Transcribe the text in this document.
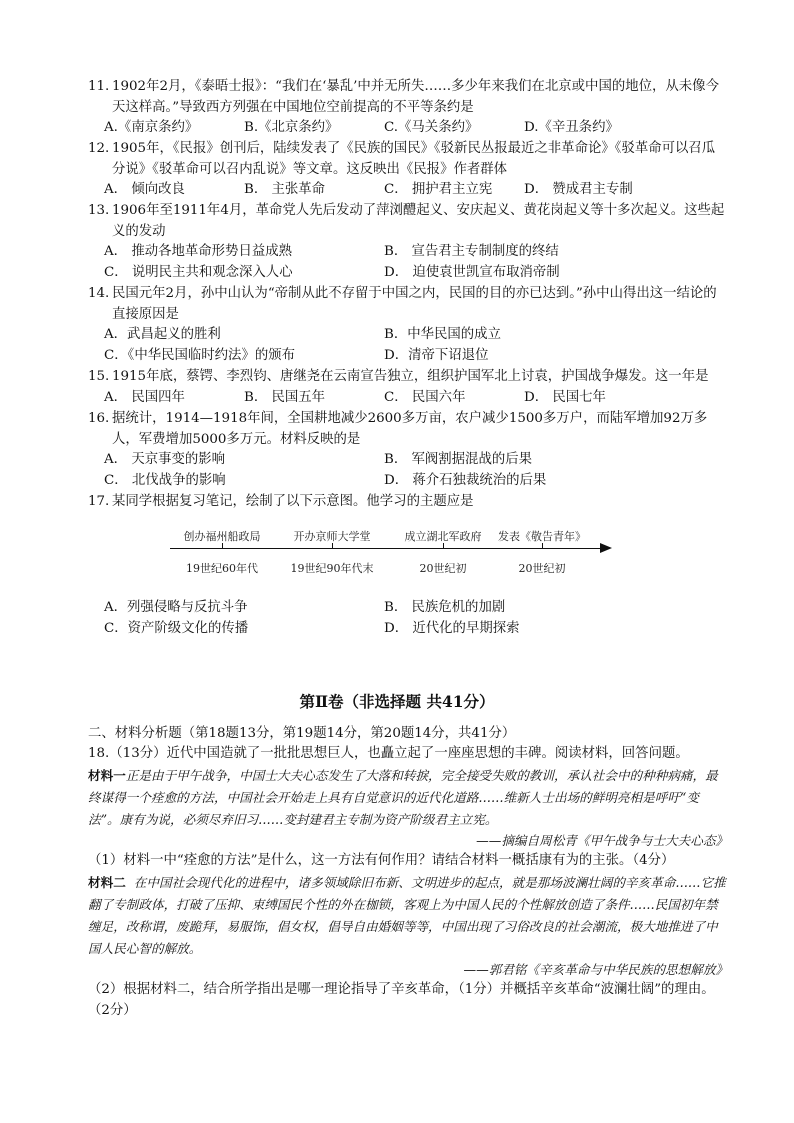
11. 1902年2月，《泰晤士报》：“我们在‘暴乱’中并无所失……多少年来我们在北京或中国的地位，从未像今天这样高。”导致西方列强在中国地位空前提高的不平等条约是

A.《南京条约》	B.《北京条约》	C.《马关条约》	D.《辛丑条约》

12. 1905年，《民报》创刊后，陆续发表了《民族的国民》《驳新民丛报最近之非革命论》《驳革命可以召瓜分说》《驳革命可以召内乱说》等文章。这反映出《民报》作者群体

A． 倾向改良	B． 主张革命	C． 拥护君主立宪	D． 赞成君主专制

13. 1906年至1911年4月，革命党人先后发动了萍浏醴起义、安庆起义、黄花岗起义等十多次起义。这些起义的发动

A． 推动各地革命形势日益成熟	B． 宣告君主专制制度的终结
C． 说明民主共和观念深入人心	D． 迫使袁世凯宣布取消帝制

14. 民国元年2月，孙中山认为“帝制从此不存留于中国之内，民国的目的亦已达到。”孙中山得出这一结论的直接原因是

A．武昌起义的胜利	B．中华民国的成立
C．《中华民国临时约法》的颁布	D．清帝下诏退位

15. 1915年底，蔡锷、李烈钧、唐继尧在云南宣告独立，组织护国军北上讨袁，护国战争爆发。这一年是

A． 民国四年	B． 民国五年	C． 民国六年	D． 民国七年

16. 据统计，1914—1918年间，全国耕地减少2600多万亩，农户减少1500多万户，而陆军增加92万多人，军费增加5000多万元。材料反映的是

A． 天京事变的影响	B． 军阀割据混战的后果
C． 北伐战争的影响	D． 蒋介石独裁统治的后果

17. 某同学根据复习笔记，绘制了以下示意图。他学习的主题应是

创办福州船政局	开办京师大学堂	成立湖北军政府 发表《敬告青年》
19世纪60年代	19世纪90年代末	20世纪初	20世纪初
A．列强侵略与反抗斗争	B． 民族危机的加剧
C．资产阶级文化的传播	D． 近代化的早期探索
第Ⅱ卷（非选择题 共41分）
二、材料分析题（第18题13分，第19题14分，第20题14分，共41分）
18.（13分）近代中国造就了一批批思想巨人，也矗立起了一座座思想的丰碑。阅读材料，回答问题。
材料一正是由于甲午战争，中国士大夫心态发生了大落和转捩，完全接受失败的教训，承认社会中的种种病痛，最终谋得一个痊愈的方法，中国社会开始走上具有自觉意识的近代化道路……维新人士出场的鲜明亮相是呼吁“变法”。康有为说，必须尽弃旧习……变封建君主专制为资产阶级君主立宪。
——摘编自周松青《甲午战争与士大夫心态》
（1）材料一中“痊愈的方法”是什么，这一方法有何作用？请结合材料一概括康有为的主张。（4分）
材料二 在中国社会现代化的进程中，诸多领域除旧布新、文明进步的起点，就是那场波澜壮阔的辛亥革命……它推翻了专制政体，打破了压抑、束缚国民个性的外在枷锁，客观上为中国人民的个性解放创造了条件……民国初年禁缠足，改称谓，废跪拜，易服饰，倡女权，倡导自由婚姻等等，中国出现了习俗改良的社会潮流，极大地推进了中国人民心智的解放。
——郭君铭《辛亥革命与中华民族的思想解放》
（2）根据材料二，结合所学指出是哪一理论指导了辛亥革命，（1分）并概括辛亥革命“波澜壮阔”的理由。（2分）
